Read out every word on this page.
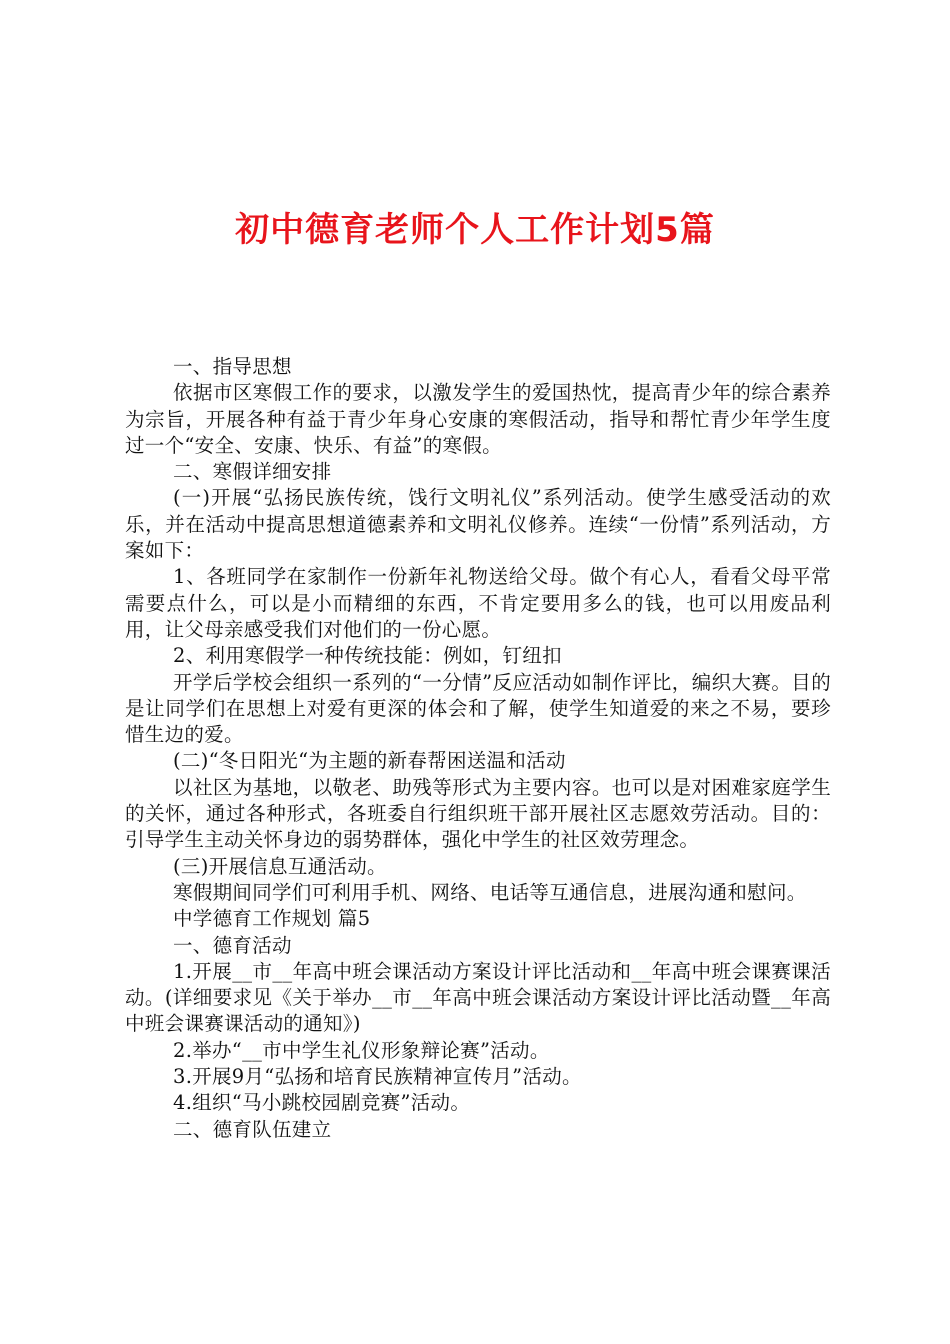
初中德育老师个人工作计划5篇

一、指导思想

依据市区寒假工作的要求，以激发学生的爱国热忱，提高青少年的综合素养为宗旨，开展各种有益于青少年身心安康的寒假活动，指导和帮忙青少年学生度过一个“安全、安康、快乐、有益”的寒假。

二、寒假详细安排

(一)开展“弘扬民族传统，饯行文明礼仪”系列活动。使学生感受活动的欢乐，并在活动中提高思想道德素养和文明礼仪修养。连续“一份情”系列活动，方案如下：

1、各班同学在家制作一份新年礼物送给父母。做个有心人，看看父母平常需要点什么，可以是小而精细的东西，不肯定要用多么的钱，也可以用废品利用，让父母亲感受我们对他们的一份心愿。

2、利用寒假学一种传统技能：例如，钉纽扣

开学后学校会组织一系列的“一分情”反应活动如制作评比，编织大赛。目的是让同学们在思想上对爱有更深的体会和了解，使学生知道爱的来之不易，要珍惜生边的爱。

(二)“冬日阳光“为主题的新春帮困送温和活动

以社区为基地，以敬老、助残等形式为主要内容。也可以是对困难家庭学生的关怀，通过各种形式，各班委自行组织班干部开展社区志愿效劳活动。目的：引导学生主动关怀身边的弱势群体，强化中学生的社区效劳理念。

(三)开展信息互通活动。

寒假期间同学们可利用手机、网络、电话等互通信息，进展沟通和慰问。

中学德育工作规划 篇5

一、德育活动

1.开展__市__年高中班会课活动方案设计评比活动和__年高中班会课赛课活动。(详细要求见《关于举办__市__年高中班会课活动方案设计评比活动暨__年高中班会课赛课活动的通知》)

2.举办“__市中学生礼仪形象辩论赛”活动。

3.开展9月“弘扬和培育民族精神宣传月”活动。

4.组织“马小跳校园剧竞赛”活动。

二、德育队伍建立
